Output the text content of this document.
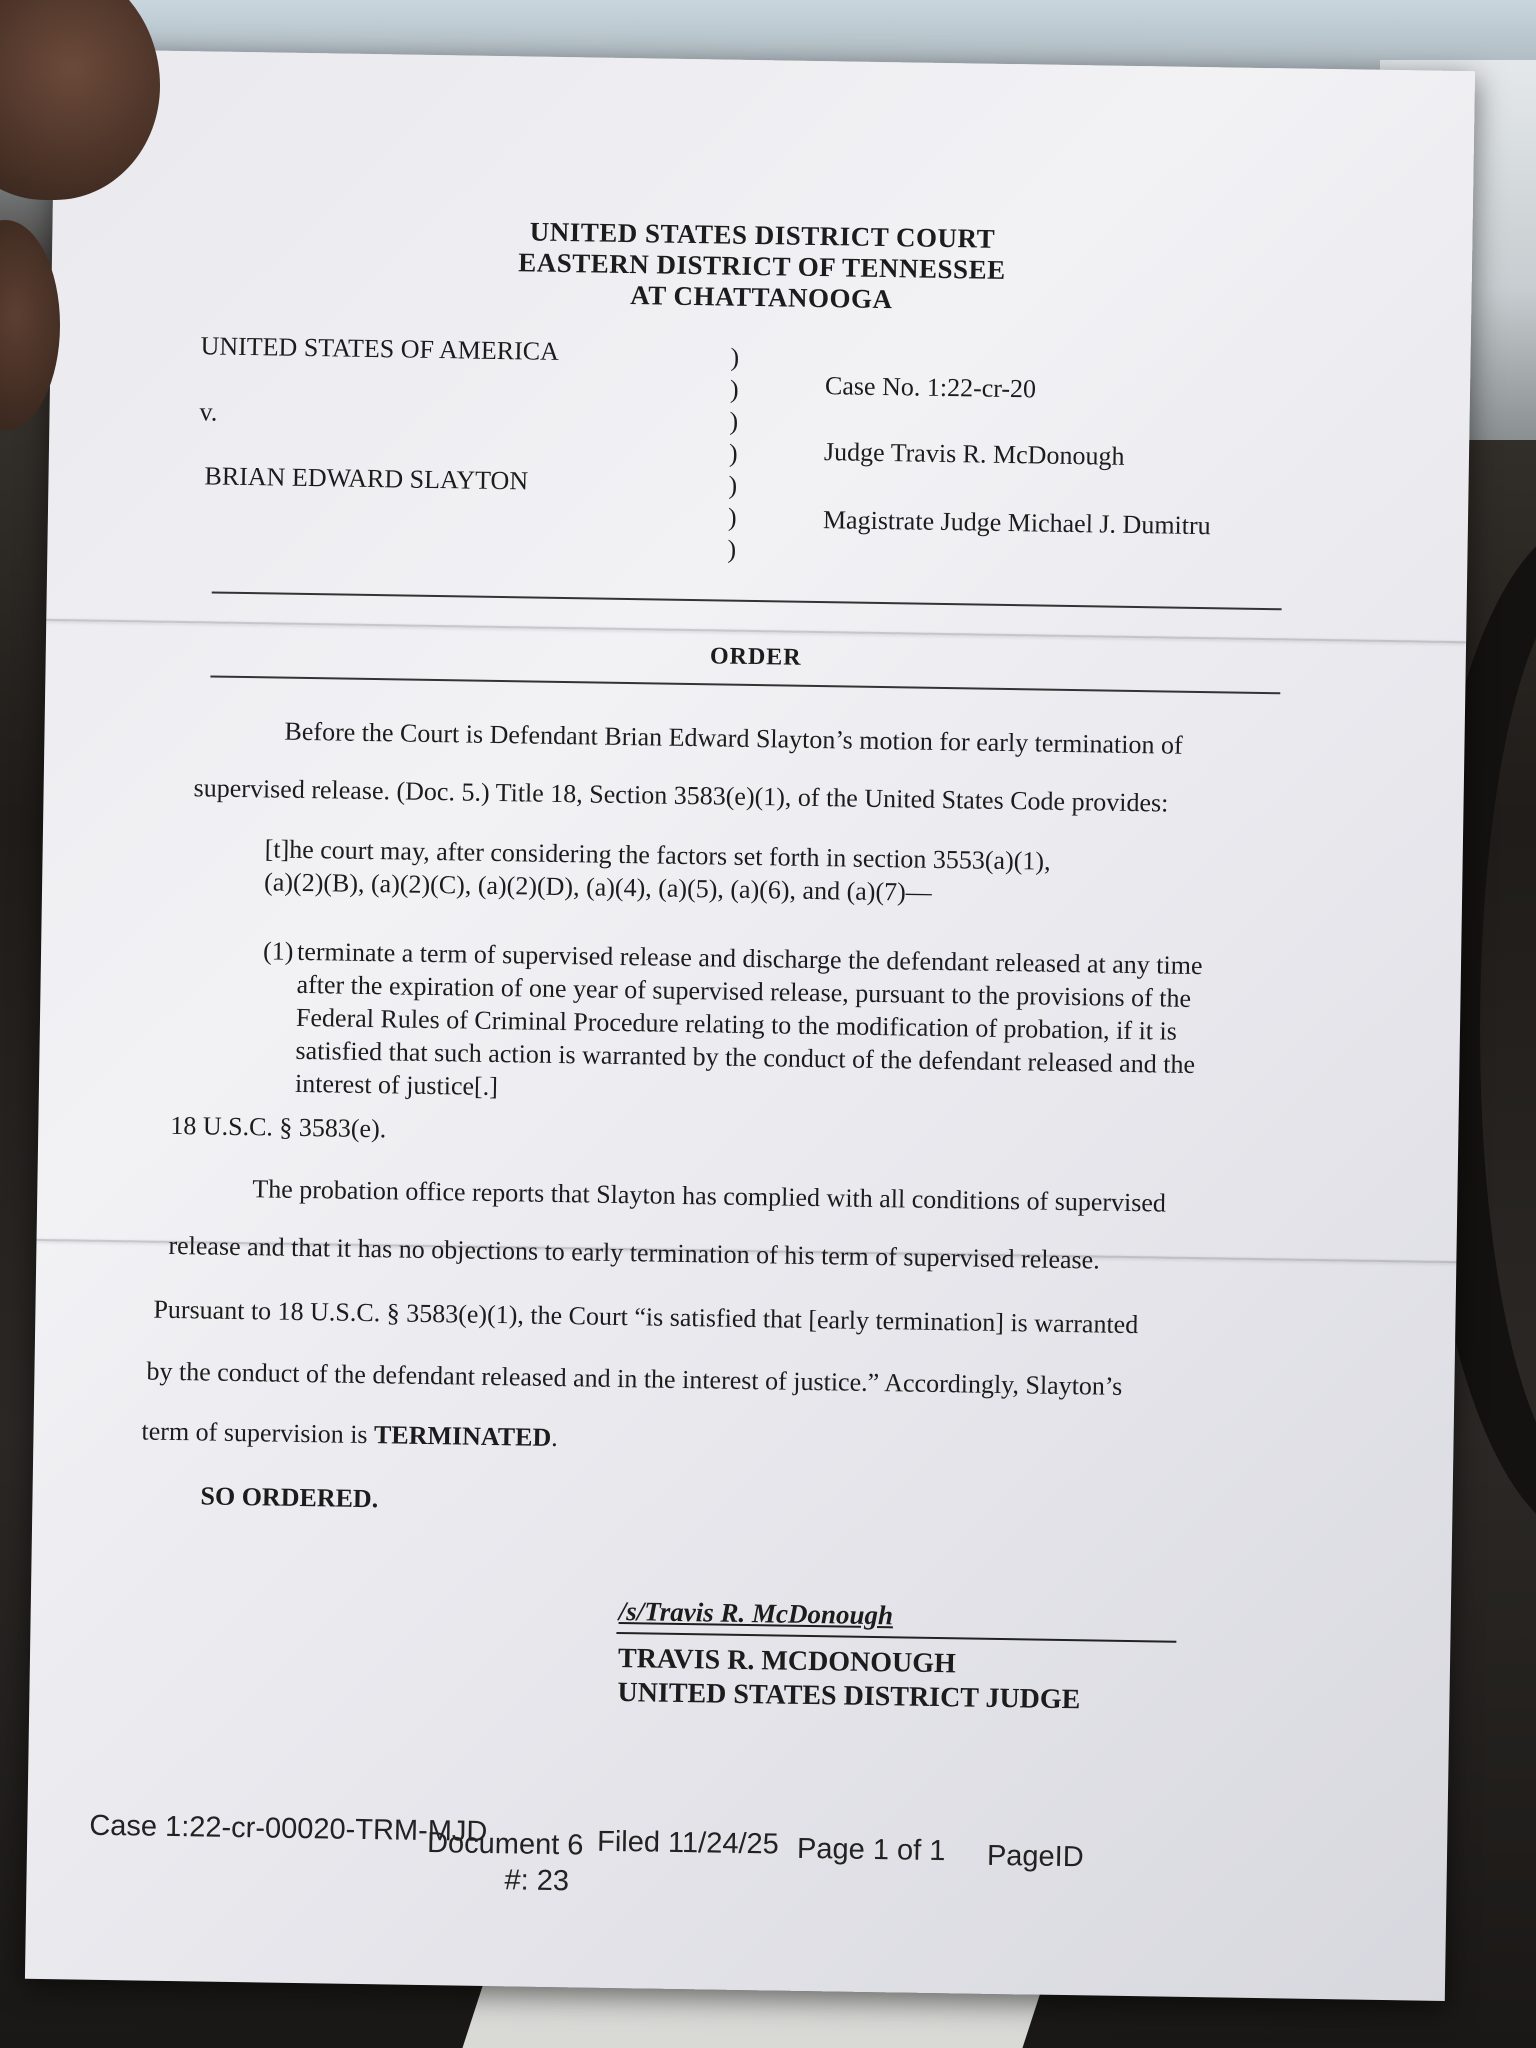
UNITED STATES DISTRICT COURT
EASTERN DISTRICT OF TENNESSEE
AT CHATTANOOGA
UNITED STATES OF AMERICA
v.
BRIAN EDWARD SLAYTON
)
)
)
)
)
)
)
Case No. 1:22-cr-20
Judge Travis R. McDonough
Magistrate Judge Michael J. Dumitru
ORDER
Before the Court is Defendant Brian Edward Slayton’s motion for early termination of
supervised release. (Doc. 5.) Title 18, Section 3583(e)(1), of the United States Code provides:
[t]he court may, after considering the factors set forth in section 3553(a)(1),
(a)(2)(B), (a)(2)(C), (a)(2)(D), (a)(4), (a)(5), (a)(6), and (a)(7)—
(1) terminate a term of supervised release and discharge the defendant released at any time after the expiration of one year of supervised release, pursuant to the provisions of the Federal Rules of Criminal Procedure relating to the modification of probation, if it is satisfied that such action is warranted by the conduct of the defendant released and the interest of justice[.]
18 U.S.C. § 3583(e).
The probation office reports that Slayton has complied with all conditions of supervised
release and that it has no objections to early termination of his term of supervised release.
Pursuant to 18 U.S.C. § 3583(e)(1), the Court “is satisfied that [early termination] is warranted
by the conduct of the defendant released and in the interest of justice.” Accordingly, Slayton’s
term of supervision is TERMINATED.
SO ORDERED.
/s/Travis R. McDonough
TRAVIS R. MCDONOUGH
UNITED STATES DISTRICT JUDGE
Case 1:22-cr-00020-TRM-MJD
Document 6 Filed 11/24/25 Page 1 of 1 PageID
#: 23
